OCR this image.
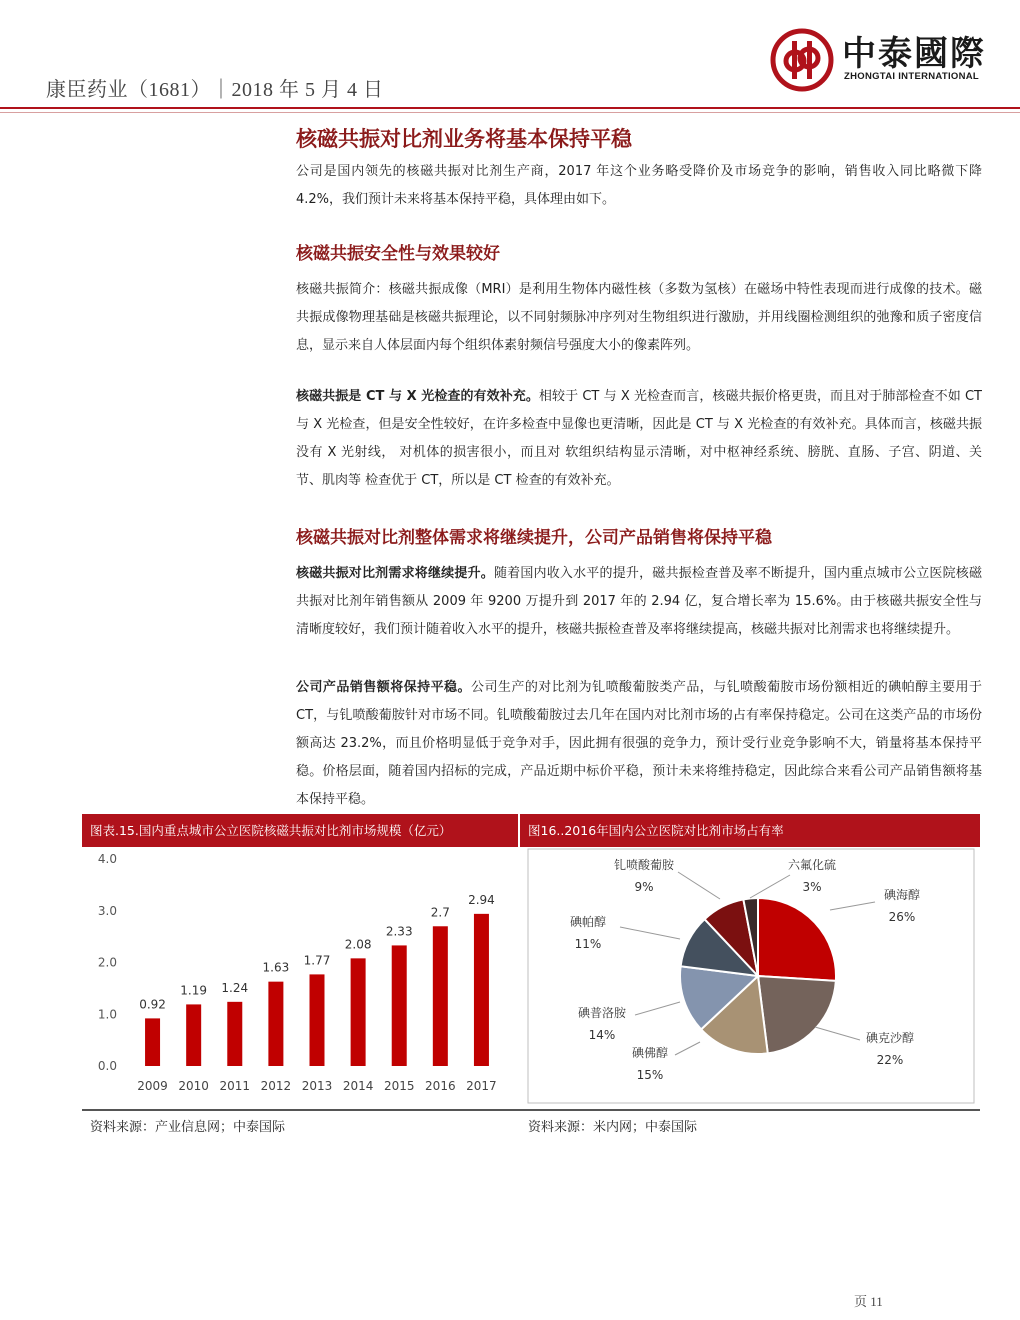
康臣药业（1681）｜2018 年 5 月 4 日
中泰國際
ZHONGTAI INTERNATIONAL
核磁共振对比剂业务将基本保持平稳
公司是国内领先的核磁共振对比剂生产商，2017 年这个业务略受降价及市场竞争的影响，销售收入同比略微下降 4.2%，我们预计未来将基本保持平稳，具体理由如下。
核磁共振安全性与效果较好
核磁共振简介：核磁共振成像（MRI）是利用生物体内磁性核（多数为氢核）在磁场中特性表现而进行成像的技术。磁共振成像物理基础是核磁共振理论，以不同射频脉冲序列对生物组织进行激励，并用线圈检测组织的弛豫和质子密度信息，显示来自人体层面内每个组织体素射频信号强度大小的像素阵列。
核磁共振是 CT 与 X 光检查的有效补充。相较于 CT 与 X 光检查而言，核磁共振价格更贵，而且对于肺部检查不如 CT 与 X 光检查，但是安全性较好，在许多检查中显像也更清晰，因此是 CT 与 X 光检查的有效补充。具体而言，核磁共振没有 X 光射线， 对机体的损害很小，而且对 软组织结构显示清晰，对中枢神经系统、膀胱、直肠、子宫、阴道、关节、肌肉等 检查优于 CT，所以是 CT 检查的有效补充。
核磁共振对比剂整体需求将继续提升，公司产品销售将保持平稳
核磁共振对比剂需求将继续提升。随着国内收入水平的提升，磁共振检查普及率不断提升，国内重点城市公立医院核磁共振对比剂年销售额从 2009 年 9200 万提升到 2017 年的 2.94 亿，复合增长率为 15.6%。由于核磁共振安全性与清晰度较好，我们预计随着收入水平的提升，核磁共振检查普及率将继续提高，核磁共振对比剂需求也将继续提升。
公司产品销售额将保持平稳。公司生产的对比剂为钆喷酸葡胺类产品，与钆喷酸葡胺市场份额相近的碘帕醇主要用于 CT，与钆喷酸葡胺针对市场不同。钆喷酸葡胺过去几年在国内对比剂市场的占有率保持稳定。公司在这类产品的市场份额高达 23.2%，而且价格明显低于竞争对手，因此拥有很强的竞争力，预计受行业竞争影响不大，销量将基本保持平稳。价格层面，随着国内招标的完成，产品近期中标价平稳，预计未来将维持稳定，因此综合来看公司产品销售额将基本保持平稳。
图表.15.国内重点城市公立医院核磁共振对比剂市场规模（亿元）
0.0
1.0
2.0
3.0
4.0
0.92
2009
1.19
2010
1.24
2011
1.63
2012
1.77
2013
2.08
2014
2.33
2015
2.7
2016
2.94
2017
资料来源：产业信息网；中泰国际
图16..2016年国内公立医院对比剂市场占有率
碘海醇
26%
碘克沙醇
22%
碘佛醇
15%
碘普洛胺
14%
碘帕醇
11%
钆喷酸葡胺
9%
六氟化硫
3%
资料来源：米内网；中泰国际
页 11
